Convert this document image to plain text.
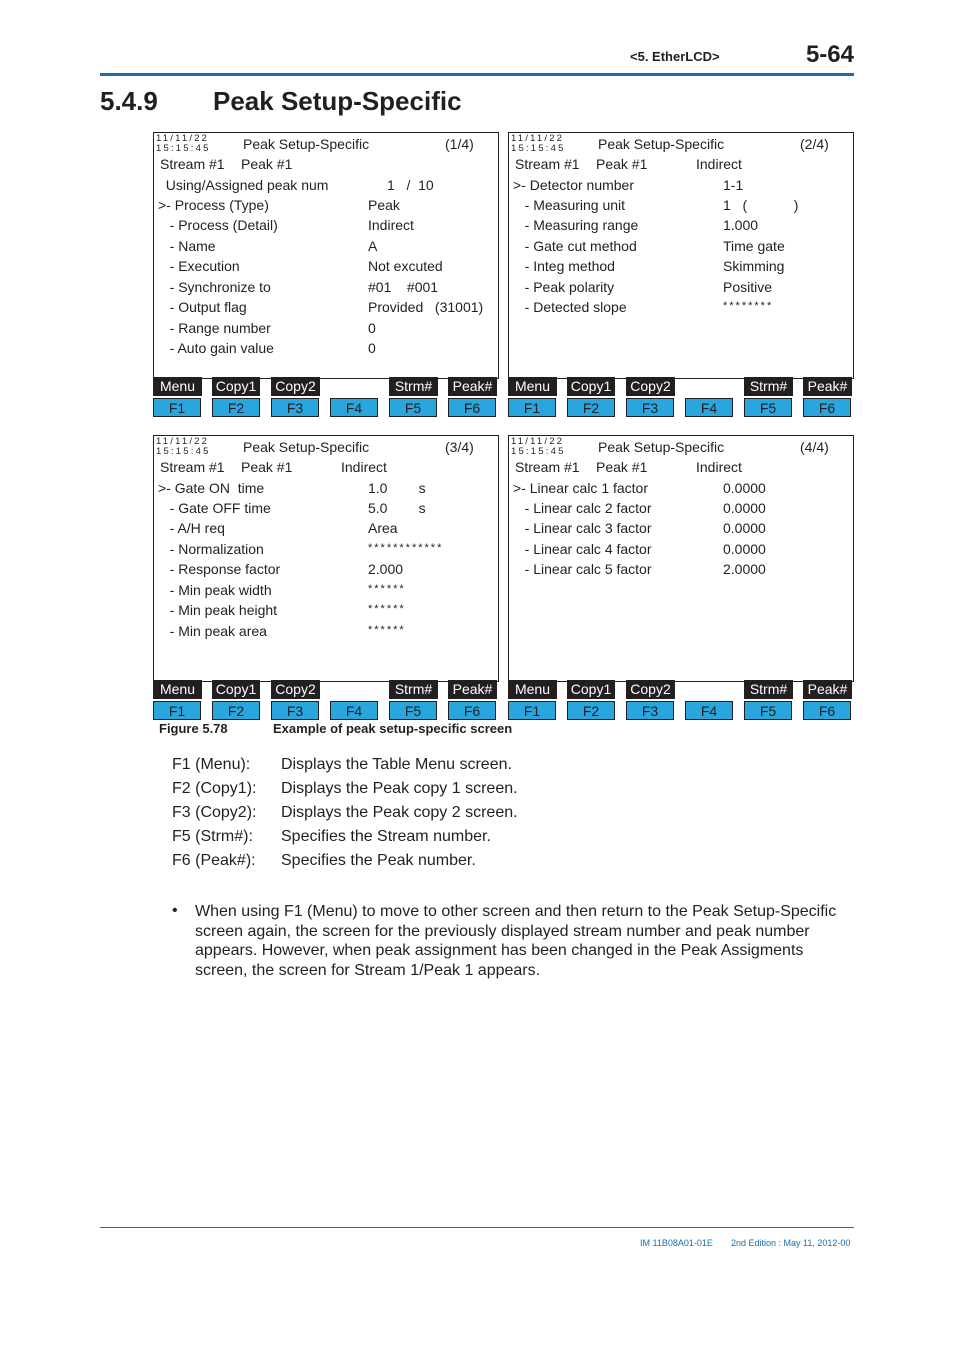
<5. EtherLCD>	5-64
5.4.9 Peak Setup-Specific
11/11/22
15:15:45 Peak Setup-Specific	(1/4)
Stream #1 Peak #1
Using/Assigned peak num	1   /  10
>- Process (Type)	Peak
- Process (Detail)	Indirect
- Name	A
- Execution	Not excuted
- Synchronize to	#01    #001
- Output flag	Provided   (31001)
- Range number	0
- Auto gain value	0
Menu	Copy1	Copy2	Strm#	Peak#
F1	F2	F3	F4	F5	F6
11/11/22
15:15:45 Peak Setup-Specific	(2/4)
Stream #1 Peak #1	Indirect
>- Detector number	1-1
- Measuring unit	1   (            )
- Measuring range	1.000
- Gate cut method	Time gate
- Integ method	Skimming
- Peak polarity	Positive
- Detected slope	********
Menu	Copy1	Copy2	Strm#	Peak#
F1	F2	F3	F4	F5	F6
11/11/22
15:15:45 Peak Setup-Specific	(3/4)
Stream #1 Peak #1	Indirect
>- Gate ON  time	1.0        s
- Gate OFF time	5.0        s
- A/H req	Area
- Normalization	************
- Response factor	2.000
- Min peak width	******
- Min peak height	******
- Min peak area	******
Menu	Copy1	Copy2	Strm#	Peak#
F1	F2	F3	F4	F5	F6
11/11/22
15:15:45 Peak Setup-Specific	(4/4)
Stream #1 Peak #1	Indirect
>- Linear calc 1 factor	0.0000
- Linear calc 2 factor	0.0000
- Linear calc 3 factor	0.0000
- Linear calc 4 factor	0.0000
- Linear calc 5 factor	2.0000
Menu	Copy1	Copy2	Strm#	Peak#
F1	F2	F3	F4	F5	F6
Figure 5.78	Example of peak setup-specific screen
F1 (Menu): Displays the Table Menu screen.
F2 (Copy1): Displays the Peak copy 1 screen.
F3 (Copy2): Displays the Peak copy 2 screen.
F5 (Strm#): Specifies the Stream number.
F6 (Peak#): Specifies the Peak number.
• When using F1 (Menu) to move to other screen and then return to the Peak Setup-Specific screen again, the screen for the previously displayed stream number and peak number appears. However, when peak assignment has been changed in the Peak Assigments screen, the screen for Stream 1/Peak 1 appears.
IM 11B08A01-01E 2nd Edition : May 11, 2012-00
